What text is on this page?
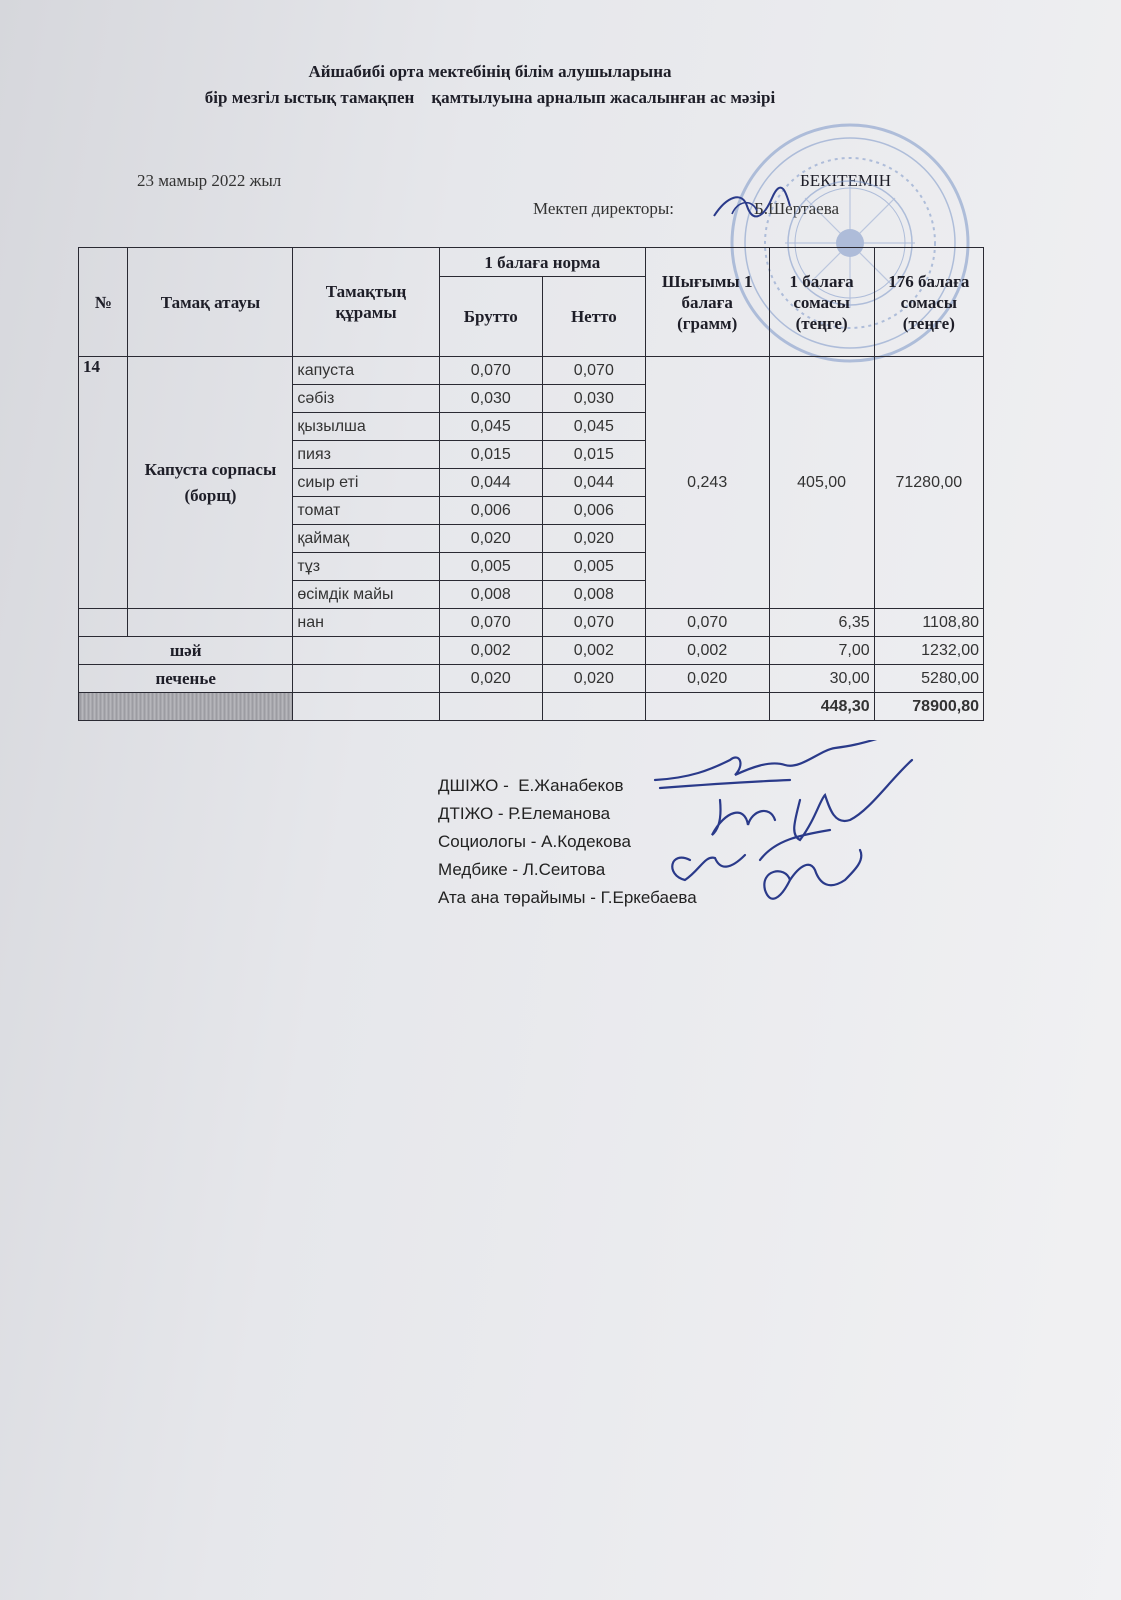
Айшабибі орта мектебінің білім алушыларына
бір мезгіл ыстық тамақпен    қамтылуына арналып жасалынған ас мәзірі
23 мамыр 2022 жыл	БЕКІТЕМІН
Мектеп директоры:	Б.Шертаева
№	Тамақ атауы	Тамақтың құрамы	1 балаға норма		Шығымы 1 балаға (грамм)	1 балаға сомасы (теңге)	176 балаға сомасы (теңге)
			Брутто	Нетто			
14	Капуста сорпасы (борщ)	капуста	0,070	0,070	0,243	405,00	71280,00
		сәбіз	0,030	0,030			
		қызылша	0,045	0,045			
		пияз	0,015	0,015			
		сиыр еті	0,044	0,044			
		томат	0,006	0,006			
		қаймақ	0,020	0,020			
		тұз	0,005	0,005			
		өсімдік майы	0,008	0,008			
		нан	0,070	0,070	0,070	6,35	1108,80
шәй			0,002	0,002	0,002	7,00	1232,00
печенье			0,020	0,020	0,020	30,00	5280,00
						448,30	78900,80
ДШІЖО -  Е.Жанабеков
ДТІЖО - Р.Елеманова
Социологы - А.Кодекова
Медбике - Л.Сеитова
Ата ана төрайымы - Г.Еркебаева
